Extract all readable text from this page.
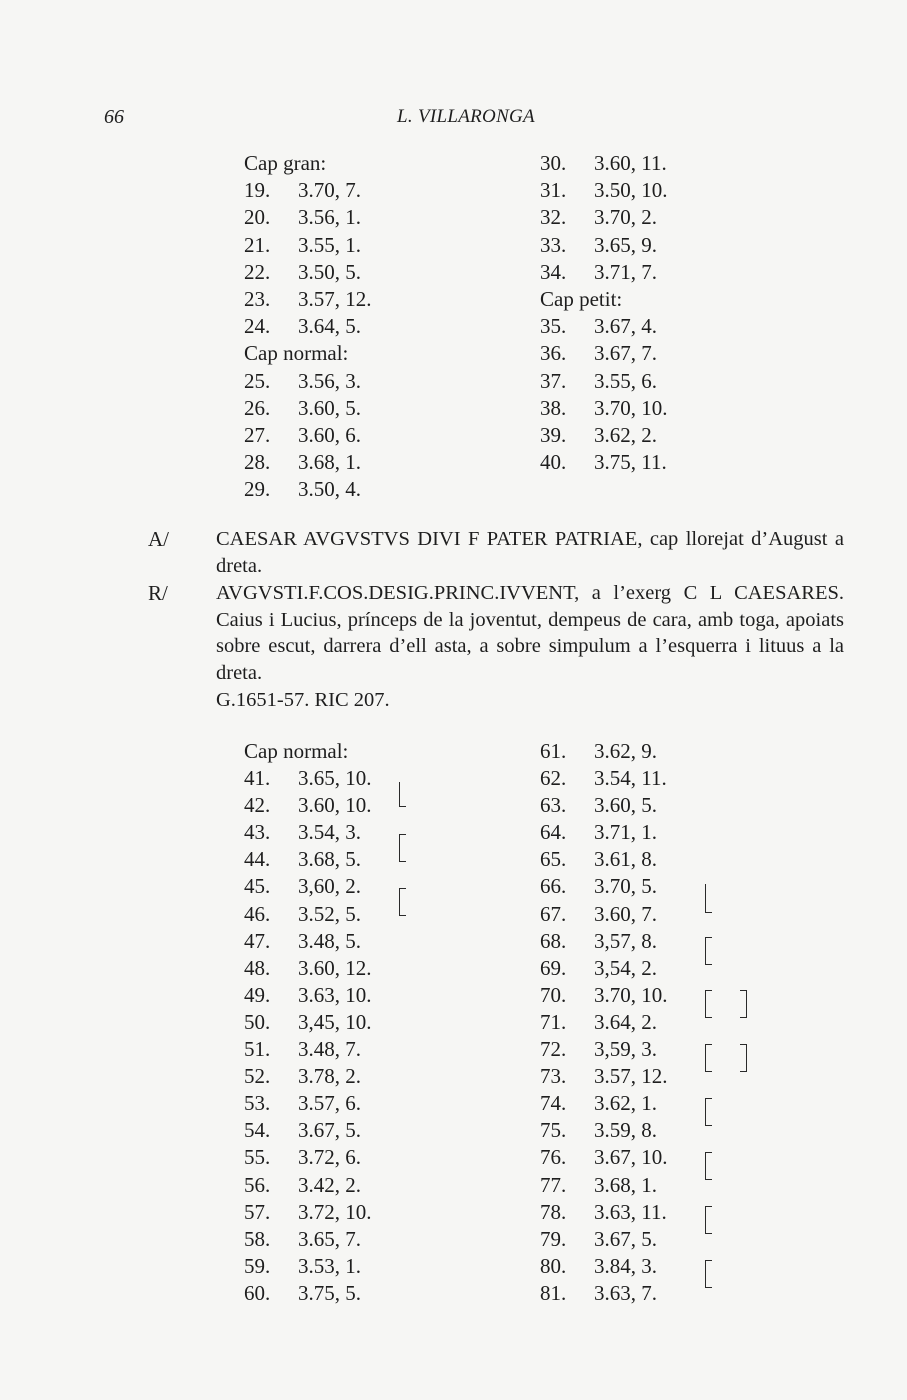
66	L. VILLARONGA
Cap gran:
19. 3.70, 7.
20. 3.56, 1.
21. 3.55, 1.
22. 3.50, 5.
23. 3.57, 12.
24. 3.64, 5.
Cap normal:
25. 3.56, 3.
26. 3.60, 5.
27. 3.60, 6.
28. 3.68, 1.
29. 3.50, 4.
30. 3.60, 11.
31. 3.50, 10.
32. 3.70, 2.
33. 3.65, 9.
34. 3.71, 7.
Cap petit:
35. 3.67, 4.
36. 3.67, 7.
37. 3.55, 6.
38. 3.70, 10.
39. 3.62, 2.
40. 3.75, 11.
A/ CAESAR AVGVSTVS DIVI F PATER PATRIAE, cap llorejat d’August a dreta.
R/ AVGVSTI.F.COS.DESIG.PRINC.IVVENT, a l’exerg C L CAESARES. Caius i Lucius, prínceps de la joventut, dempeus de cara, amb toga, apoiats sobre escut, darrera d’ell asta, a sobre simpulum a l’esquerra i lituus a la dreta.
G.1651-57. RIC 207.
Cap normal:
41. 3.65, 10.
42. 3.60, 10.
43. 3.54, 3.
44. 3.68, 5.
45. 3,60, 2.
46. 3.52, 5.
47. 3.48, 5.
48. 3.60, 12.
49. 3.63, 10.
50. 3,45, 10.
51. 3.48, 7.
52. 3.78, 2.
53. 3.57, 6.
54. 3.67, 5.
55. 3.72, 6.
56. 3.42, 2.
57. 3.72, 10.
58. 3.65, 7.
59. 3.53, 1.
60. 3.75, 5.
61. 3.62, 9.
62. 3.54, 11.
63. 3.60, 5.
64. 3.71, 1.
65. 3.61, 8.
66. 3.70, 5.
67. 3.60, 7.
68. 3,57, 8.
69. 3,54, 2.
70. 3.70, 10.
71. 3.64, 2.
72. 3,59, 3.
73. 3.57, 12.
74. 3.62, 1.
75. 3.59, 8.
76. 3.67, 10.
77. 3.68, 1.
78. 3.63, 11.
79. 3.67, 5.
80. 3.84, 3.
81. 3.63, 7.
